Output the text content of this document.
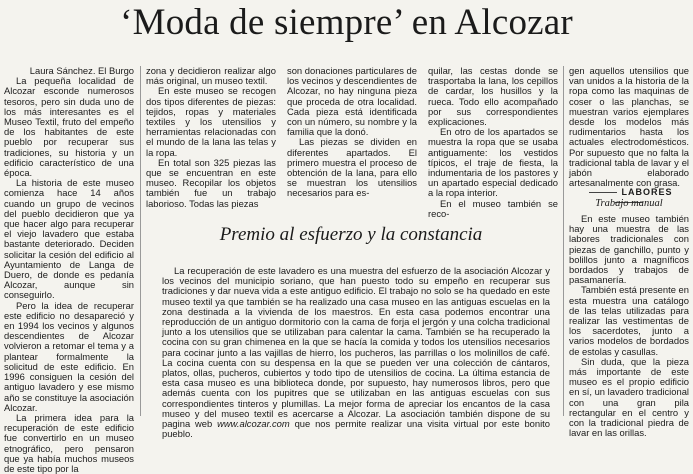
‘Moda de siempre’ en Alcozar

Laura Sánchez. El Burgo

La pequeña localidad de Alcozar esconde numerosos tesoros, pero sin duda uno de los más interesantes es el Museo Textil, fruto del empeño de los habitantes de este pueblo por recuperar sus tradiciones, su historia y un edificio característico de una época.

La historia de este museo comienza hace 14 años cuando un grupo de vecinos del pueblo decidieron que ya que hacer algo para recuperar el viejo lavadero que estaba bastante deteriorado. Deciden solicitar la cesión del edificio al Ayuntamiento de Langa de Duero, de donde es pedanía Alcozar, aunque sin conseguirlo.

Pero la idea de recuperar este edificio no desapareció y en 1994 los vecinos y algunos descendientes de Alcozar volvieron a retomar el tema y a plantear formalmente la solicitud de este edificio. En 1996 consiguen la cesión del antiguo lavadero y ese mismo año se constituye la asociación Alcozar.

La primera idea para la recuperación de este edificio fue convertirlo en un museo etnográfico, pero pensaron que ya había muchos museos de este tipo por la

zona y decidieron realizar algo más original, un museo textil.

En este museo se recogen dos tipos diferentes de piezas: tejidos, ropas y materiales textiles y los utensilios y herramientas relacionadas con el mundo de la lana las telas y la ropa.

En total son 325 piezas las que se encuentran en este museo. Recopilar los objetos también fue un trabajo laborioso. Todas las piezas

son donaciones particulares de los vecinos y descendientes de Alcozar, no hay ninguna pieza que proceda de otra localidad. Cada pieza está identificada con un número, su nombre y la familia que la donó.

Las piezas se dividen en diferentes apartados. El primero muestra el proceso de obtención de la lana, para ello se muestran los utensilios necesarios para es-

quilar, las cestas donde se trasportaba la lana, los cepillos de cardar, los husillos y la rueca. Todo ello acompañado por sus correspondientes explicaciones.

En otro de los apartados se muestra la ropa que se usaba antiguamente: los vestidos típicos, el traje de fiesta, la indumentaria de los pastores y un apartado especial dedicado a la ropa interior.

En el museo también se reco-

gen aquellos utensilios que van unidos a la historia de la ropa como las maquinas de coser o las planchas, se muestran varios ejemplares desde los modelos más rudimentarios hasta los actuales electrodomésticos. Por supuesto que no falta la tradicional tabla de lavar y el jabón elaborado artesanalmente con grasa.

LABORES
Trabajo manual

En este museo también hay una muestra de las labores tradicionales con piezas de ganchillo, punto y bolillos junto a magníficos bordados y trabajos de pasamanería.

También está presente en esta muestra una catálogo de las telas utilizadas para realizar las vestimentas de los sacerdotes, junto a varios modelos de bordados de estolas y casullas.

Sin duda, que la pieza más importante de este museo es el propio edificio en sí, un lavadero tradicional con una gran pila rectangular en el centro y con la tradicional piedra de lavar en las orillas.

Premio al esfuerzo y la constancia

La recuperación de este lavadero es una muestra del esfuerzo de la asociación Alcozar y los vecinos del municipio soriano, que han puesto todo su empeño en recuperar sus tradiciones y dar nueva vida a este antiguo edificio. El trabajo no solo se ha quedado en este museo textil ya que también se ha realizado una casa museo en las antiguas escuelas en la zona destinada a la vivienda de los maestros. En esta casa podemos encontrar una reproducción de un antiguo dormitorio con la cama de forja el jergón y una colcha tradicional junto a los utensilios que se utilizaban para calentar la cama. También se ha recuperado la cocina con su gran chimenea en la que se hacía la comida y todos los utensilios necesarios para cocinar junto a las vajillas de hierro, los pucheros, las parrillas o los molinillos de café. La cocina cuenta con su despensa en la que se pueden ver una colección de cántaros, platos, ollas, pucheros, cubiertos y todo tipo de utensilios de cocina. La última estancia de esta casa museo es una biblioteca donde, por supuesto, hay numerosos libros, pero que además cuenta con los pupitres que se utilizaban en las antiguas escuelas con sus correspondientes tinteros y plumillas. La mejor forma de apreciar los encantos de la casa museo y del museo textil es acercarse a Alcozar. La asociación también dispone de su pagina web www.alcozar.com que nos permite realizar una visita virtual por este bonito pueblo.
